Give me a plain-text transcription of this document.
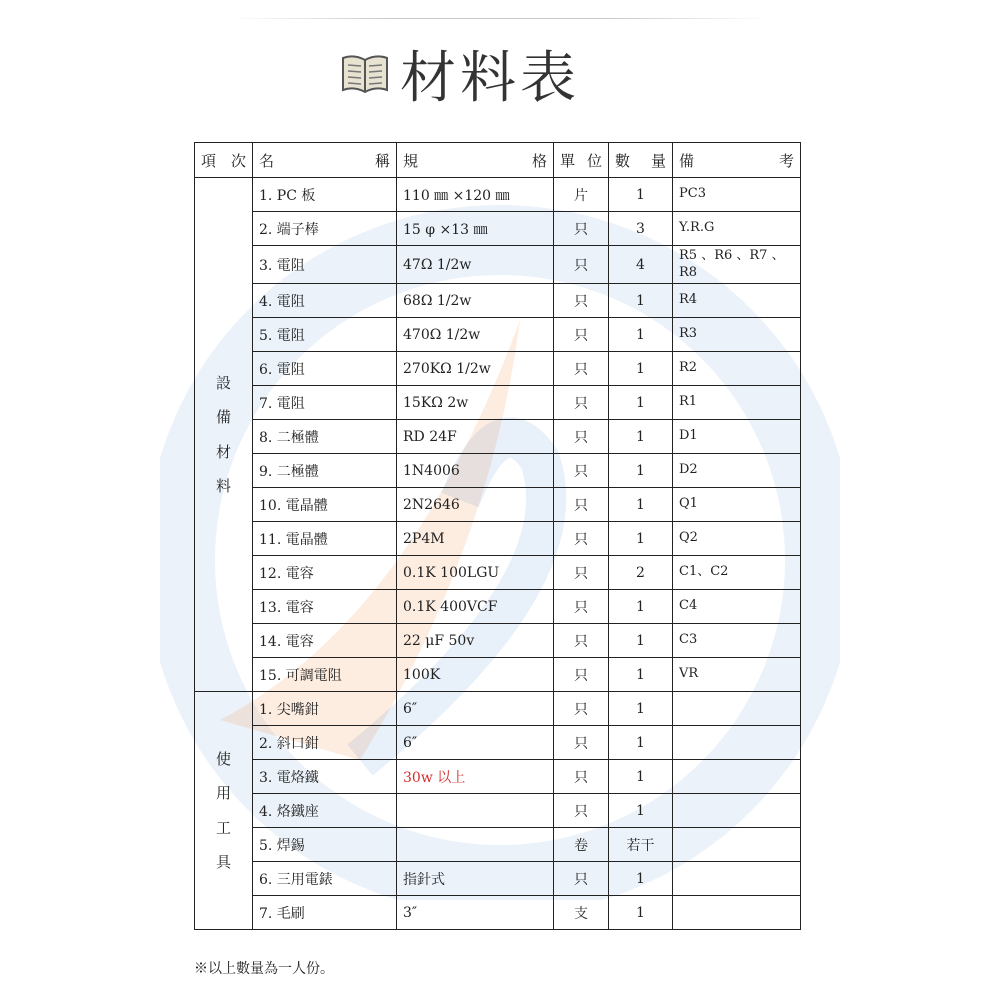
材料表
項 次	名 稱	規 格	單 位	數 量	備 考

設
備
材
料	1. PC 板	110 ㎜ ×120 ㎜	片	1	PC3
	2. 端子棒	15 φ ×13 ㎜	只	3	Y.R.G
	3. 電阻	47Ω 1/2w	只	4	R5 、R6 、R7 、R8
	4. 電阻	68Ω 1/2w	只	1	R4
	5. 電阻	470Ω 1/2w	只	1	R3
	6. 電阻	270KΩ 1/2w	只	1	R2
	7. 電阻	15KΩ 2w	只	1	R1
	8. 二極體	RD 24F	只	1	D1
	9. 二極體	1N4006	只	1	D2
	10. 電晶體	2N2646	只	1	Q1
	11. 電晶體	2P4M	只	1	Q2
	12. 電容	0.1K 100LGU	只	2	C1、C2
	13. 電容	0.1K 400VCF	只	1	C4
	14. 電容	22 μF 50v	只	1	C3
	15. 可調電阻	100K	只	1	VR

使
用
工
具	1. 尖嘴鉗	6″	只	1	
	2. 斜口鉗	6″	只	1	
	3. 電烙鐵	30w 以上	只	1	
	4. 烙鐵座		只	1	
	5. 焊錫		卷	若干	
	6. 三用電錶	指針式	只	1	
	7. 毛刷	3″	支	1	
※以上數量為一人份。
